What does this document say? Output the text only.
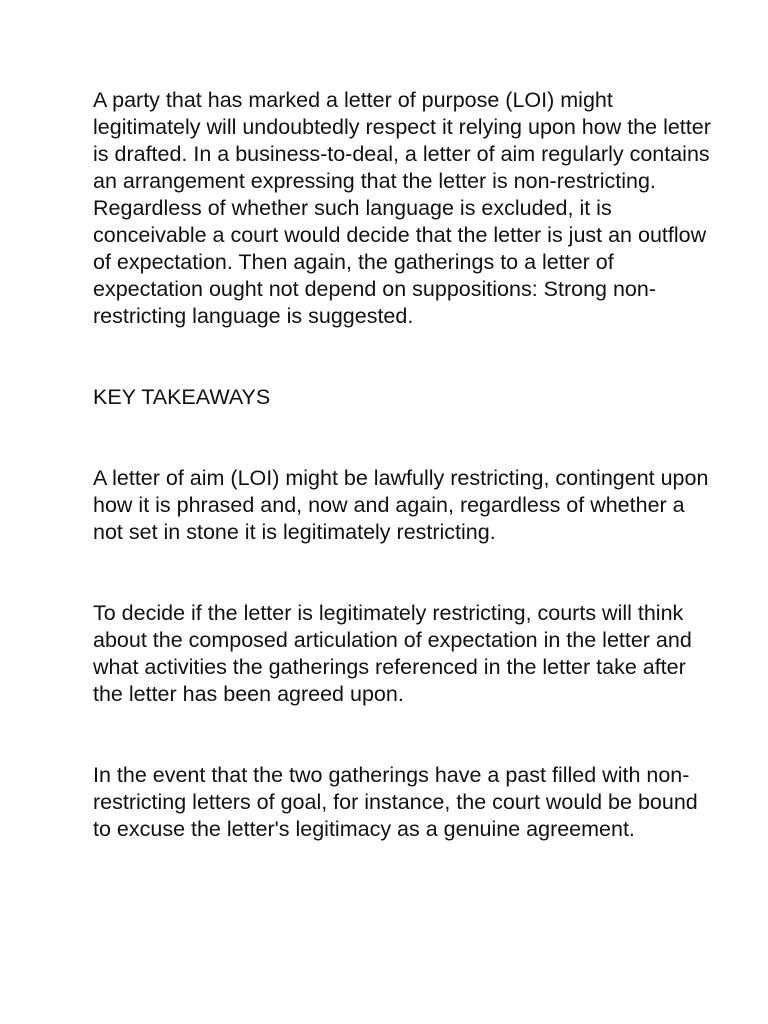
A party that has marked a letter of purpose (LOI) might legitimately will undoubtedly respect it relying upon how the letter is drafted. In a business-to-deal, a letter of aim regularly contains an arrangement expressing that the letter is non-restricting. Regardless of whether such language is excluded, it is conceivable a court would decide that the letter is just an outflow of expectation. Then again, the gatherings to a letter of expectation ought not depend on suppositions: Strong non-restricting language is suggested.

KEY TAKEAWAYS

A letter of aim (LOI) might be lawfully restricting, contingent upon how it is phrased and, now and again, regardless of whether a not set in stone it is legitimately restricting.

To decide if the letter is legitimately restricting, courts will think about the composed articulation of expectation in the letter and what activities the gatherings referenced in the letter take after the letter has been agreed upon.

In the event that the two gatherings have a past filled with non-restricting letters of goal, for instance, the court would be bound to excuse the letter's legitimacy as a genuine agreement.
